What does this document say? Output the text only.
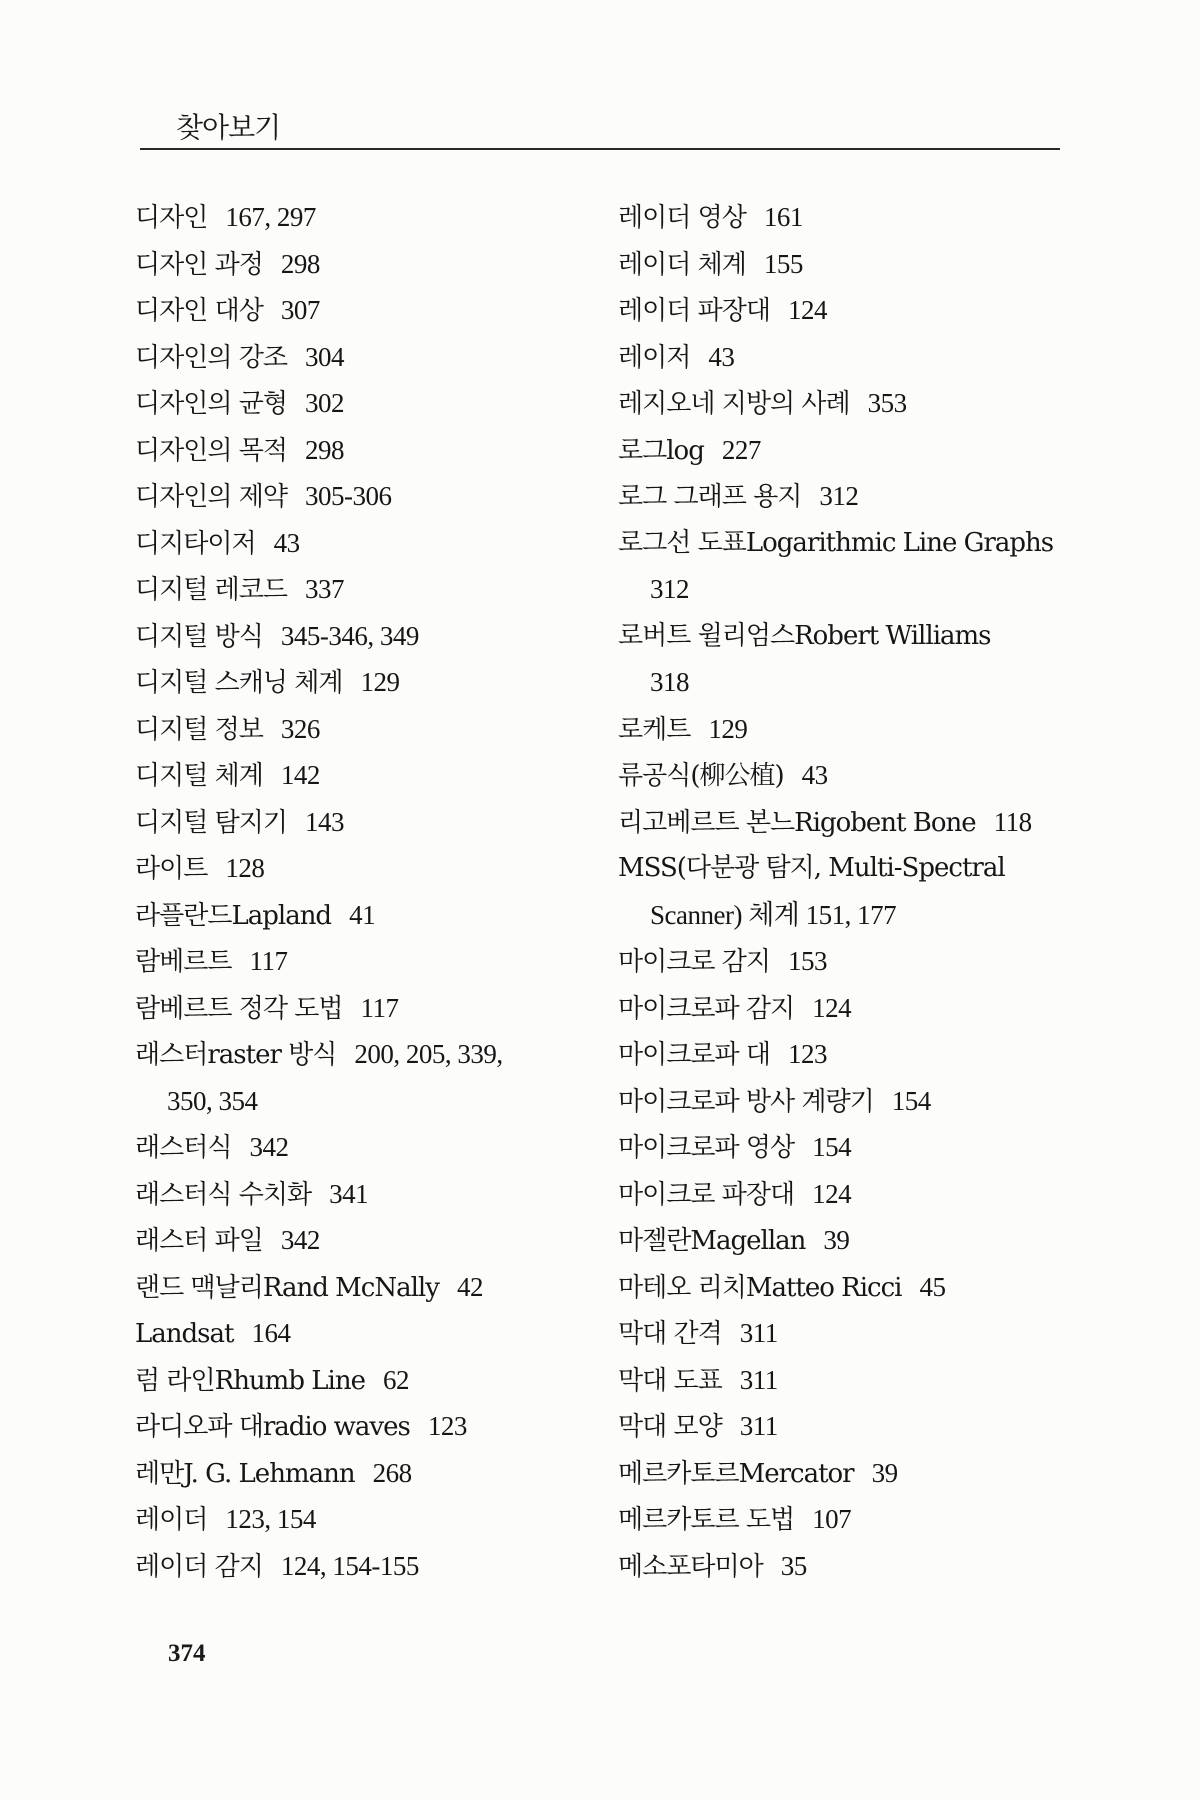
찾아보기
디자인 167, 297
디자인 과정 298
디자인 대상 307
디자인의 강조 304
디자인의 균형 302
디자인의 목적 298
디자인의 제약 305-306
디지타이저 43
디지털 레코드 337
디지털 방식 345-346, 349
디지털 스캐닝 체계 129
디지털 정보 326
디지털 체계 142
디지털 탐지기 143
라이트 128
라플란드Lapland 41
람베르트 117
람베르트 정각 도법 117
래스터raster 방식 200, 205, 339,
350, 354
래스터식 342
래스터식 수치화 341
래스터 파일 342
랜드 맥날리Rand McNally 42
Landsat 164
럼 라인Rhumb Line 62
라디오파 대radio waves 123
레만J. G. Lehmann 268
레이더 123, 154
레이더 감지 124, 154-155
레이더 영상 161
레이더 체계 155
레이더 파장대 124
레이저 43
레지오네 지방의 사례 353
로그log 227
로그 그래프 용지 312
로그선 도표Logarithmic Line Graphs
312
로버트 윌리엄스Robert Williams
318
로케트 129
류공식(柳公植) 43
리고베르트 본느Rigobent Bone 118
MSS(다분광 탐지, Multi-Spectral
Scanner) 체계 151, 177
마이크로 감지 153
마이크로파 감지 124
마이크로파 대 123
마이크로파 방사 계량기 154
마이크로파 영상 154
마이크로 파장대 124
마젤란Magellan 39
마테오 리치Matteo Ricci 45
막대 간격 311
막대 도표 311
막대 모양 311
메르카토르Mercator 39
메르카토르 도법 107
메소포타미아 35
374
